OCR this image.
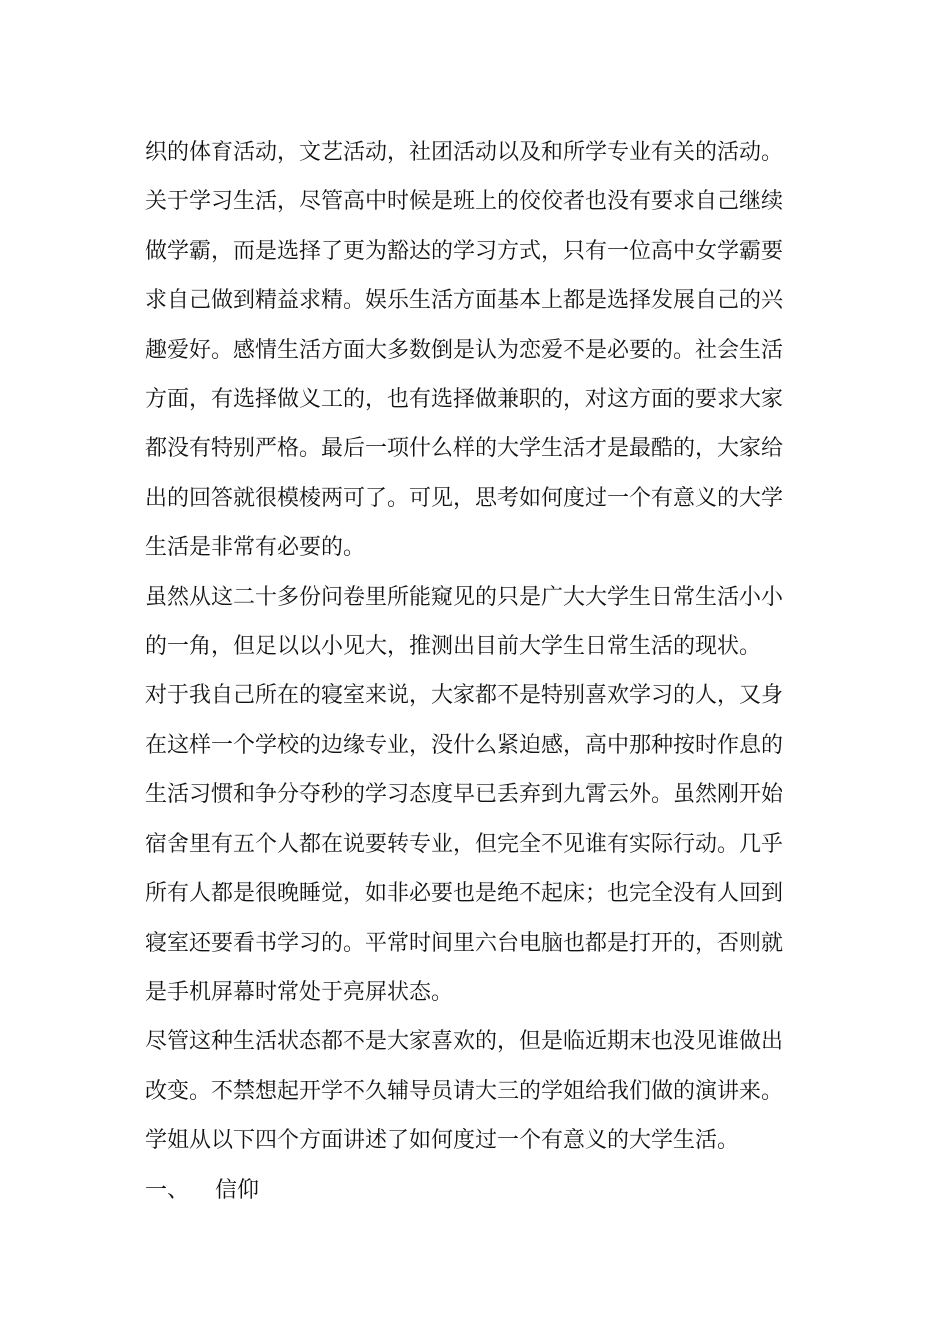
织的体育活动，文艺活动，社团活动以及和所学专业有关的活动。

关于学习生活，尽管高中时候是班上的佼佼者也没有要求自己继续
做学霸，而是选择了更为豁达的学习方式，只有一位高中女学霸要
求自己做到精益求精。娱乐生活方面基本上都是选择发展自己的兴
趣爱好。感情生活方面大多数倒是认为恋爱不是必要的。社会生活
方面，有选择做义工的，也有选择做兼职的，对这方面的要求大家
都没有特别严格。最后一项什么样的大学生活才是最酷的，大家给
出的回答就很模棱两可了。可见，思考如何度过一个有意义的大学
生活是非常有必要的。

虽然从这二十多份问卷里所能窥见的只是广大大学生日常生活小小
的一角，但足以以小见大，推测出目前大学生日常生活的现状。

对于我自己所在的寝室来说，大家都不是特别喜欢学习的人，又身
在这样一个学校的边缘专业，没什么紧迫感，高中那种按时作息的
生活习惯和争分夺秒的学习态度早已丢弃到九霄云外。虽然刚开始
宿舍里有五个人都在说要转专业，但完全不见谁有实际行动。几乎
所有人都是很晚睡觉，如非必要也是绝不起床；也完全没有人回到
寝室还要看书学习的。平常时间里六台电脑也都是打开的，否则就
是手机屏幕时常处于亮屏状态。

尽管这种生活状态都不是大家喜欢的，但是临近期末也没见谁做出
改变。不禁想起开学不久辅导员请大三的学姐给我们做的演讲来。

学姐从以下四个方面讲述了如何度过一个有意义的大学生活。

一、	信仰
